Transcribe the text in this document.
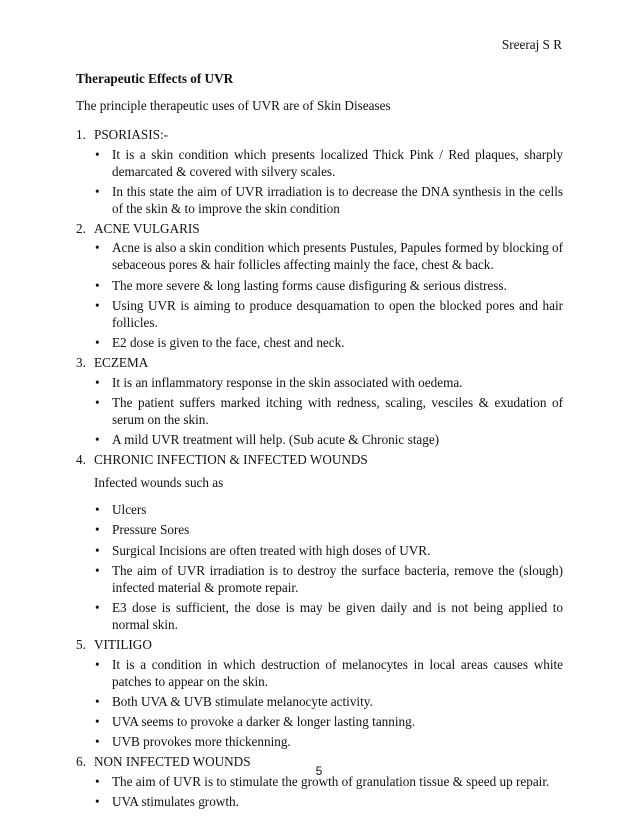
Sreeraj S R
Therapeutic Effects of UVR
The principle therapeutic uses of UVR are of Skin Diseases
1. PSORIASIS:-
• It is a skin condition which presents localized Thick Pink / Red plaques, sharply demarcated & covered with silvery scales.
• In this state the aim of UVR irradiation is to decrease the DNA synthesis in the cells of the skin & to improve the skin condition
2. ACNE VULGARIS
• Acne is also a skin condition which presents Pustules, Papules formed by blocking of sebaceous pores & hair follicles affecting mainly the face, chest & back.
• The more severe & long lasting forms cause disfiguring & serious distress.
• Using UVR is aiming to produce desquamation to open the blocked pores and hair follicles.
• E2 dose is given to the face, chest and neck.
3. ECZEMA
• It is an inflammatory response in the skin associated with oedema.
• The patient suffers marked itching with redness, scaling, vesciles & exudation of serum on the skin.
• A mild UVR treatment will help. (Sub acute & Chronic stage)
4. CHRONIC INFECTION & INFECTED WOUNDS
Infected wounds such as
• Ulcers
• Pressure Sores
• Surgical Incisions are often treated with high doses of UVR.
• The aim of UVR irradiation is to destroy the surface bacteria, remove the (slough) infected material & promote repair.
• E3 dose is sufficient, the dose is may be given daily and is not being applied to normal skin.
5. VITILIGO
• It is a condition in which destruction of melanocytes in local areas causes white patches to appear on the skin.
• Both UVA & UVB stimulate melanocyte activity.
• UVA seems to provoke a darker & longer lasting tanning.
• UVB provokes more thickenning.
6. NON INFECTED WOUNDS
• The aim of UVR is to stimulate the growth of granulation tissue & speed up repair.
• UVA stimulates growth.
5
